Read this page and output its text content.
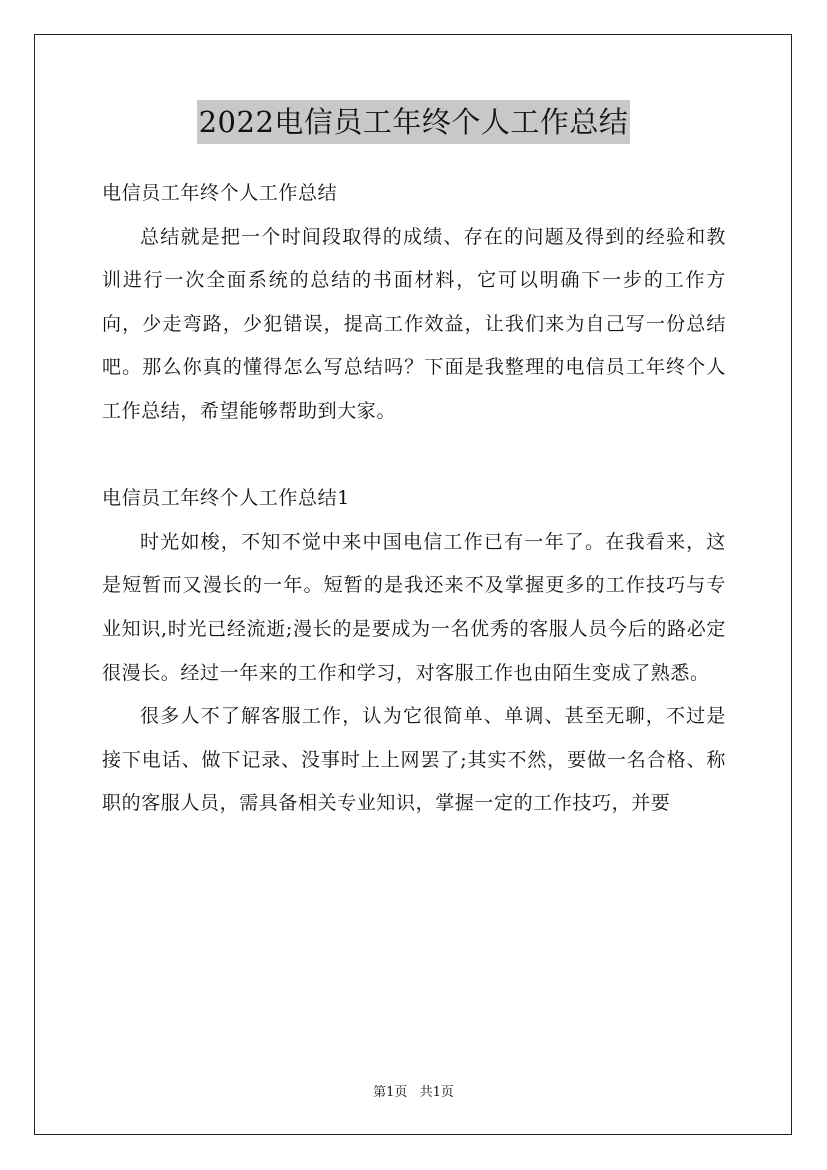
2022电信员工年终个人工作总结

电信员工年终个人工作总结

总结就是把一个时间段取得的成绩、存在的问题及得到的经验和教训进行一次全面系统的总结的书面材料，它可以明确下一步的工作方向，少走弯路，少犯错误，提高工作效益，让我们来为自己写一份总结吧。那么你真的懂得怎么写总结吗？下面是我整理的电信员工年终个人工作总结，希望能够帮助到大家。

电信员工年终个人工作总结1

时光如梭，不知不觉中来中国电信工作已有一年了。在我看来，这是短暂而又漫长的一年。短暂的是我还来不及掌握更多的工作技巧与专业知识,时光已经流逝;漫长的是要成为一名优秀的客服人员今后的路必定很漫长。经过一年来的工作和学习，对客服工作也由陌生变成了熟悉。

很多人不了解客服工作，认为它很简单、单调、甚至无聊，不过是接下电话、做下记录、没事时上上网罢了;其实不然，要做一名合格、称职的客服人员，需具备相关专业知识，掌握一定的工作技巧，并要

第1页 共1页
